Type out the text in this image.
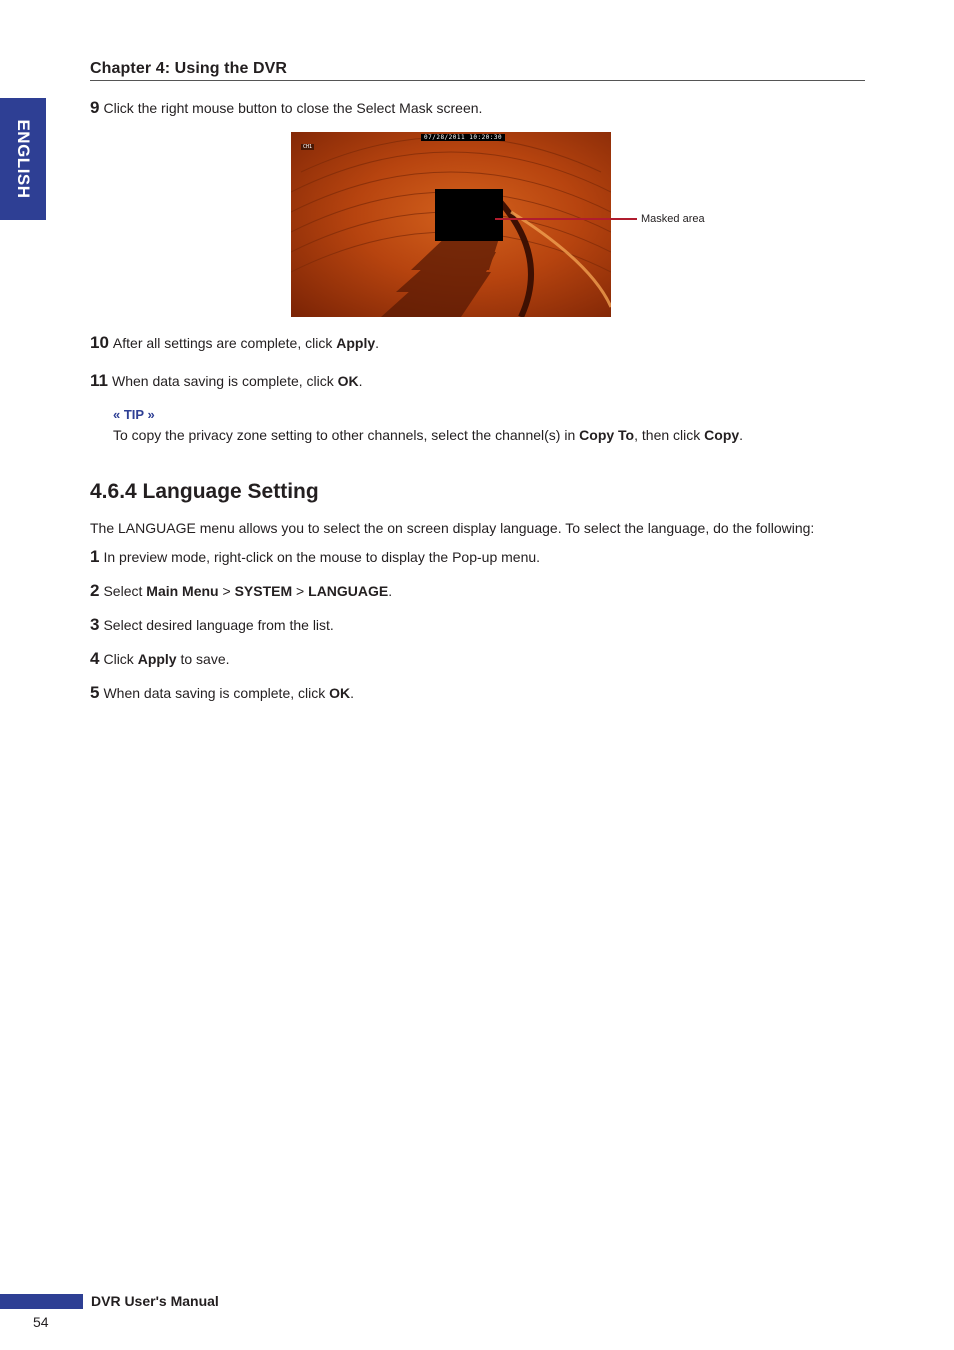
Chapter 4: Using the DVR
ENGLISH
9 Click the right mouse button to close the Select Mask screen.
CH1
07/28/2011 10:20:30
Masked area
10 After all settings are complete, click Apply.
11 When data saving is complete, click OK.
« TIP »
To copy the privacy zone setting to other channels, select the channel(s) in Copy To, then click Copy.
4.6.4 Language Setting
The LANGUAGE menu allows you to select the on screen display language. To select the language, do the following:
1 In preview mode, right-click on the mouse to display the Pop-up menu.
2 Select Main Menu > SYSTEM > LANGUAGE.
3 Select desired language from the list.
4 Click Apply to save.
5 When data saving is complete, click OK.
DVR User's Manual
54
